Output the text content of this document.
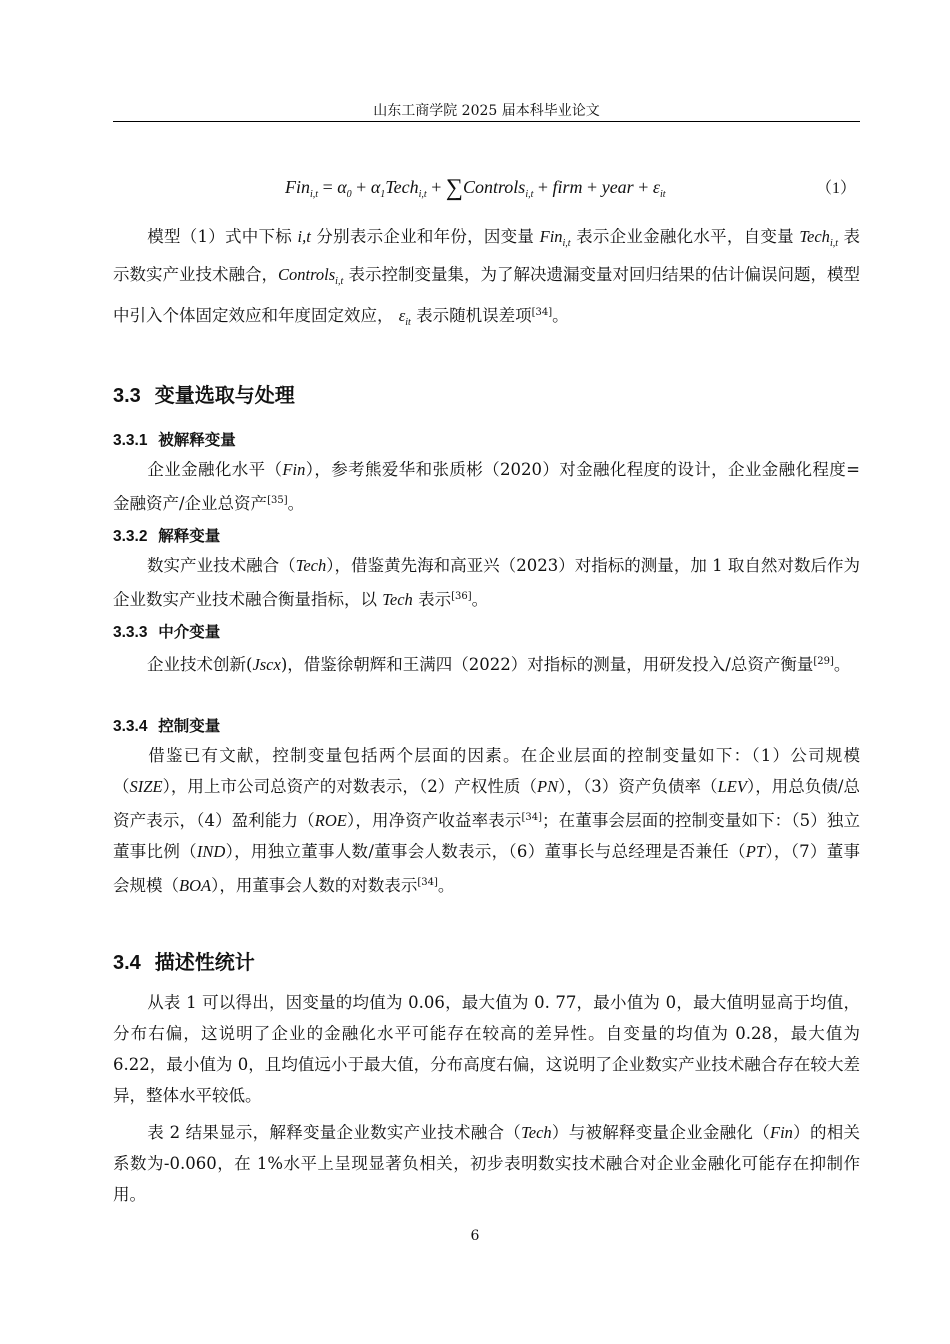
山东工商学院 2025 届本科毕业论文
$Fin_{i,t} = \alpha_0$ + $\alpha_1Tech_{i,t}$ + ∑Controls$_{i,t}$ + firm + year + $\varepsilon_{it}$	（1）
模型（1）式中下标 i,t 分别表示企业和年份，因变量 Fin$_{i,t}$ 表示企业金融化水平，自变量 Tech$_{i,t}$ 表示数实产业技术融合，Controls$_{i,t}$ 表示控制变量集，为了解决遗漏变量对回归结果的估计偏误问题，模型中引入个体固定效应和年度固定效应， $\varepsilon_{it}$ 表示随机误差项[34]。
3.3 变量选取与处理
3.3.1 被解释变量
企业金融化水平（Fin），参考熊爱华和张质彬（2020）对金融化程度的设计，企业金融化程度=金融资产/企业总资产[35]。
3.3.2 解释变量
数实产业技术融合（Tech），借鉴黄先海和高亚兴（2023）对指标的测量，加 1 取自然对数后作为企业数实产业技术融合衡量指标，以 Tech 表示[36]。
3.3.3 中介变量
企业技术创新(Jscx)，借鉴徐朝辉和王满四（2022）对指标的测量，用研发投入/总资产衡量[29]。
3.3.4 控制变量
借鉴已有文献，控制变量包括两个层面的因素。在企业层面的控制变量如下：（1）公司规模（SIZE），用上市公司总资产的对数表示，（2）产权性质（PN），（3）资产负债率（LEV），用总负债/总资产表示，（4）盈利能力（ROE），用净资产收益率表示[34]；在董事会层面的控制变量如下：（5）独立董事比例（IND），用独立董事人数/董事会人数表示，（6）董事长与总经理是否兼任（PT），（7）董事会规模（BOA），用董事会人数的对数表示[34]。
3.4 描述性统计
从表 1 可以得出，因变量的均值为 0.06，最大值为 0. 77，最小值为 0，最大值明显高于均值，分布右偏，这说明了企业的金融化水平可能存在较高的差异性。自变量的均值为 0.28，最大值为 6.22，最小值为 0，且均值远小于最大值，分布高度右偏，这说明了企业数实产业技术融合存在较大差异，整体水平较低。
表 2 结果显示，解释变量企业数实产业技术融合（Tech）与被解释变量企业金融化（Fin）的相关系数为-0.060，在 1%水平上呈现显著负相关，初步表明数实技术融合对企业金融化可能存在抑制作用。
6
